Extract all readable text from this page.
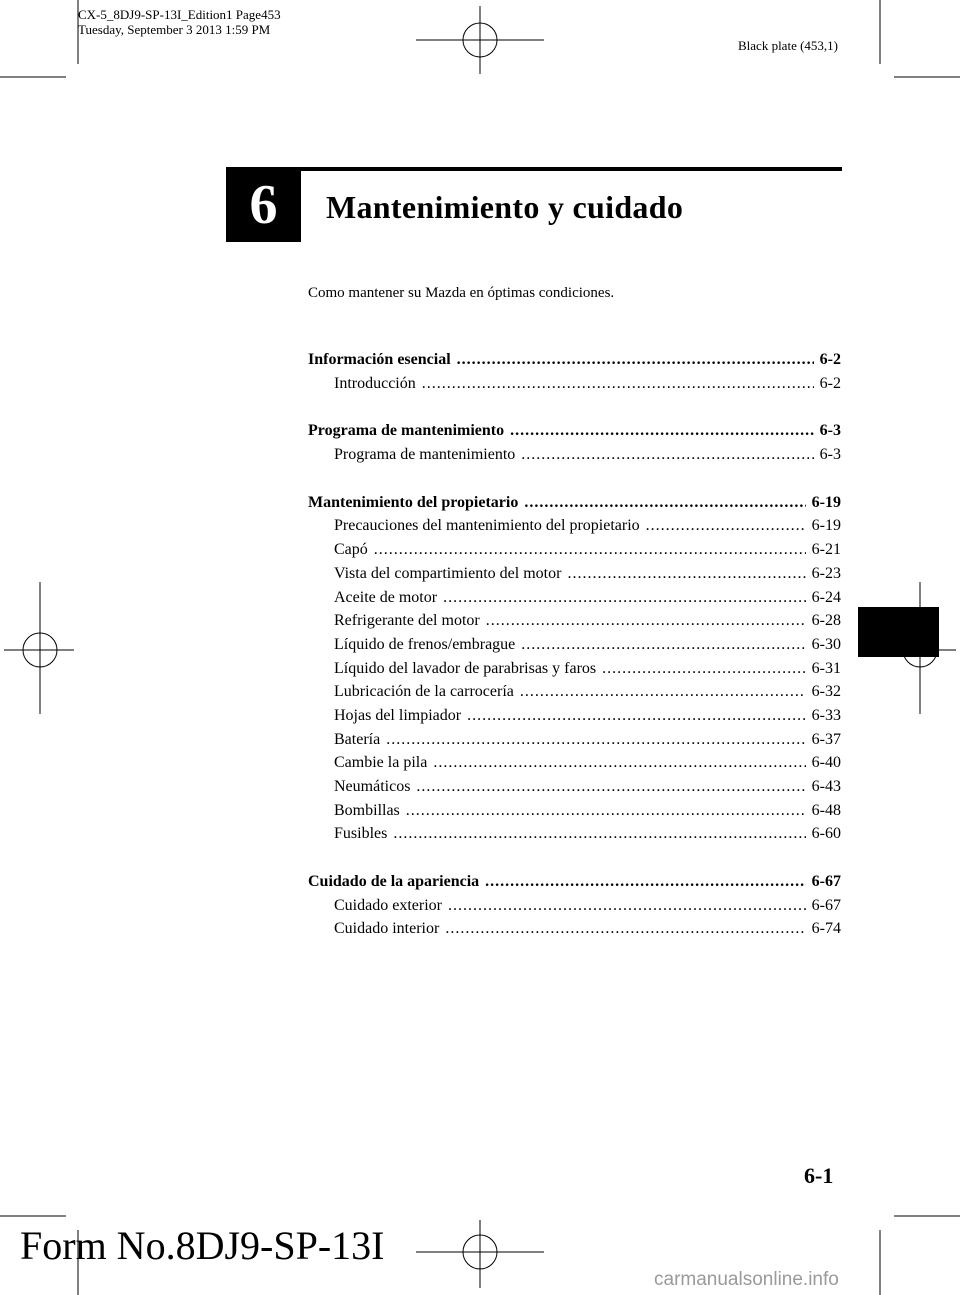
CX-5_8DJ9-SP-13I_Edition1 Page453
Tuesday, September 3 2013 1:59 PM
Black plate (453,1)
6 Mantenimiento y cuidado
Como mantener su Mazda en óptimas condiciones.
Información esencial .....	6-2
Introducción .....	6-2
Programa de mantenimiento .....	6-3
Programa de mantenimiento .....	6-3
Mantenimiento del propietario .....	6-19
Precauciones del mantenimiento del propietario .....	6-19
Capó .....	6-21
Vista del compartimiento del motor .....	6-23
Aceite de motor .....	6-24
Refrigerante del motor .....	6-28
Líquido de frenos/embrague .....	6-30
Líquido del lavador de parabrisas y faros .....	6-31
Lubricación de la carrocería .....	6-32
Hojas del limpiador .....	6-33
Batería .....	6-37
Cambie la pila .....	6-40
Neumáticos .....	6-43
Bombillas .....	6-48
Fusibles .....	6-60
Cuidado de la apariencia .....	6-67
Cuidado exterior .....	6-67
Cuidado interior .....	6-74
6-1
Form No.8DJ9-SP-13I
carmanualsonline.info
